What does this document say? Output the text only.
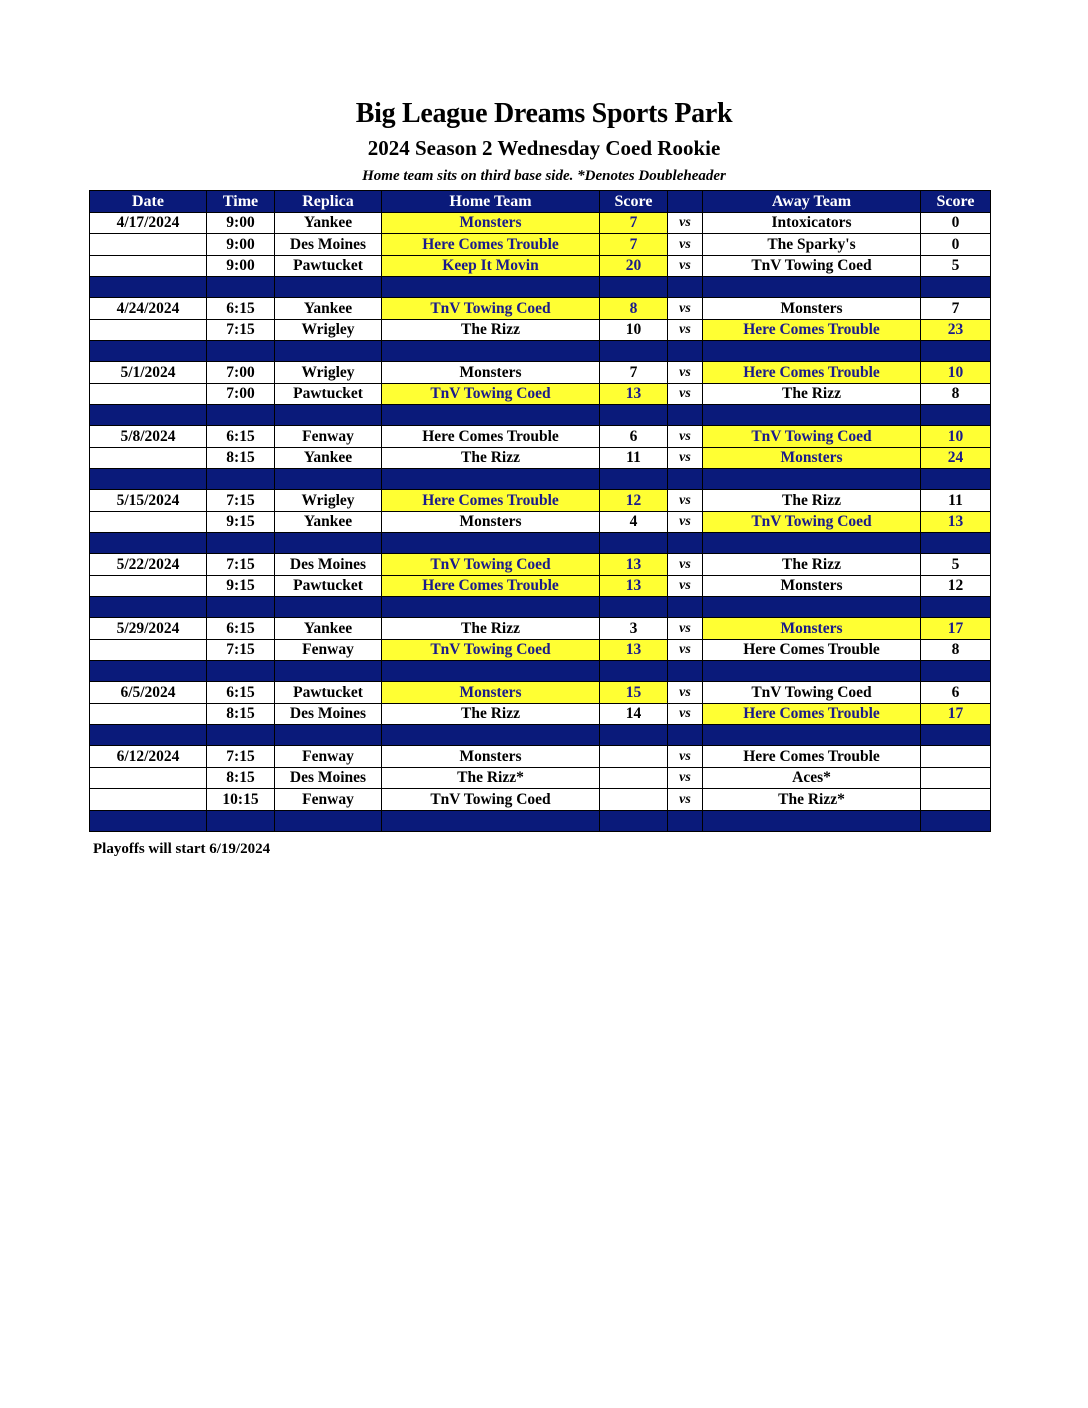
Big League Dreams Sports Park
2024 Season 2 Wednesday Coed Rookie
Home team sits on third base side. *Denotes Doubleheader
Date	Time	Replica	Home Team	Score		Away Team	Score
4/17/2024	9:00	Yankee	Monsters	7	vs	Intoxicators	0
	9:00	Des Moines	Here Comes Trouble	7	vs	The Sparky's	0
	9:00	Pawtucket	Keep It Movin	20	vs	TnV Towing Coed	5

4/24/2024	6:15	Yankee	TnV Towing Coed	8	vs	Monsters	7
	7:15	Wrigley	The Rizz	10	vs	Here Comes Trouble	23

5/1/2024	7:00	Wrigley	Monsters	7	vs	Here Comes Trouble	10
	7:00	Pawtucket	TnV Towing Coed	13	vs	The Rizz	8

5/8/2024	6:15	Fenway	Here Comes Trouble	6	vs	TnV Towing Coed	10
	8:15	Yankee	The Rizz	11	vs	Monsters	24

5/15/2024	7:15	Wrigley	Here Comes Trouble	12	vs	The Rizz	11
	9:15	Yankee	Monsters	4	vs	TnV Towing Coed	13

5/22/2024	7:15	Des Moines	TnV Towing Coed	13	vs	The Rizz	5
	9:15	Pawtucket	Here Comes Trouble	13	vs	Monsters	12

5/29/2024	6:15	Yankee	The Rizz	3	vs	Monsters	17
	7:15	Fenway	TnV Towing Coed	13	vs	Here Comes Trouble	8

6/5/2024	6:15	Pawtucket	Monsters	15	vs	TnV Towing Coed	6
	8:15	Des Moines	The Rizz	14	vs	Here Comes Trouble	17

6/12/2024	7:15	Fenway	Monsters		vs	Here Comes Trouble	
	8:15	Des Moines	The Rizz*		vs	Aces*	
	10:15	Fenway	TnV Towing Coed		vs	The Rizz*	

Playoffs will start 6/19/2024
